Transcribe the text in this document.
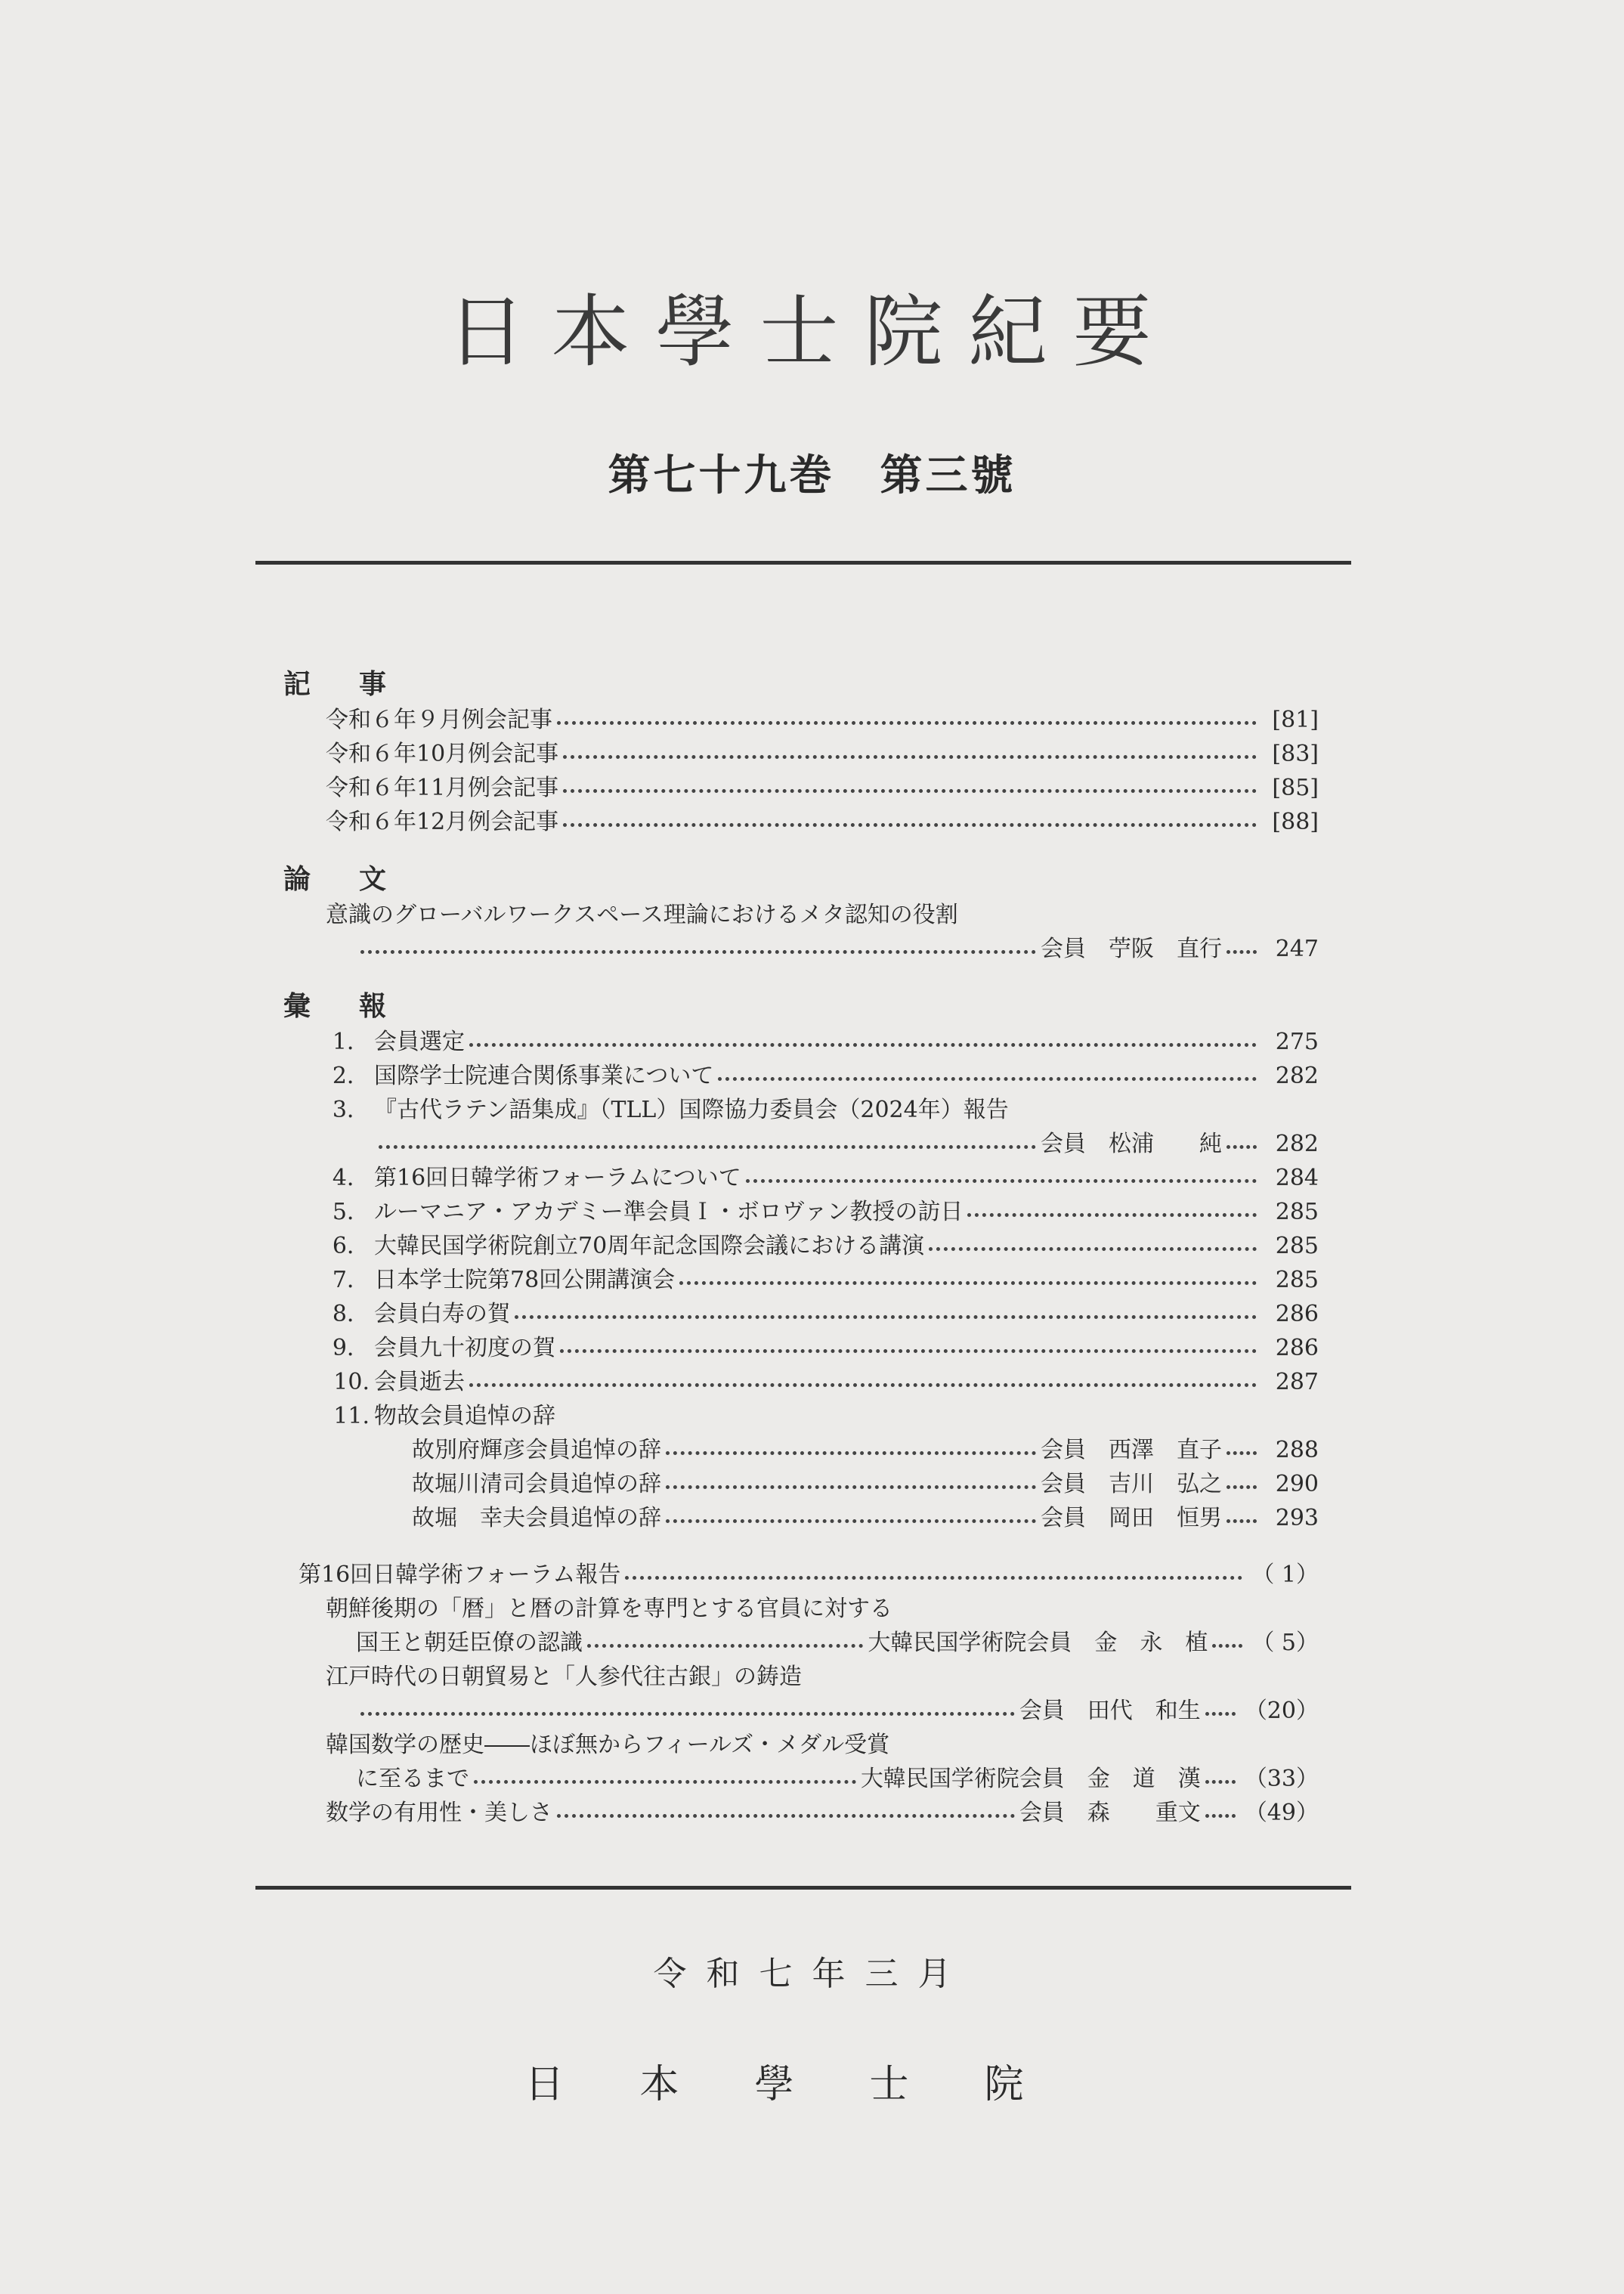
日本學士院紀要
第七十九巻　第三號
記　事
令和６年９月例会記事	[81]
令和６年10月例会記事	[83]
令和６年11月例会記事	[85]
令和６年12月例会記事	[88]
論　文
意識のグローバルワークスペース理論におけるメタ認知の役割
会員　苧阪　直行	247
彙　報
1． 会員選定	275
2． 国際学士院連合関係事業について	282
3． 『古代ラテン語集成』（TLL）国際協力委員会（2024年）報告
会員　松浦　　純	282
4． 第16回日韓学術フォーラムについて	284
5． ルーマニア・アカデミー準会員Ｉ・ボロヴァン教授の訪日	285
6． 大韓民国学術院創立70周年記念国際会議における講演	285
7． 日本学士院第78回公開講演会	285
8． 会員白寿の賀	286
9． 会員九十初度の賀	286
10. 会員逝去	287
11. 物故会員追悼の辞
故別府輝彦会員追悼の辞	会員　西澤　直子	288
故堀川清司会員追悼の辞	会員　吉川　弘之	290
故堀　幸夫会員追悼の辞	会員　岡田　恒男	293
第16回日韓学術フォーラム報告	（ 1）
朝鮮後期の「暦」と暦の計算を専門とする官員に対する
国王と朝廷臣僚の認識	大韓民国学術院会員　金　永　植 （ 5）
江戸時代の日朝貿易と「人参代往古銀」の鋳造
会員　田代　和生 （20）
韓国数学の歴史――ほぼ無からフィールズ・メダル受賞
に至るまで	大韓民国学術院会員　金　道　漢 （33）
数学の有用性・美しさ	会員　森　　重文 （49）
令和七年三月
日本學士院
